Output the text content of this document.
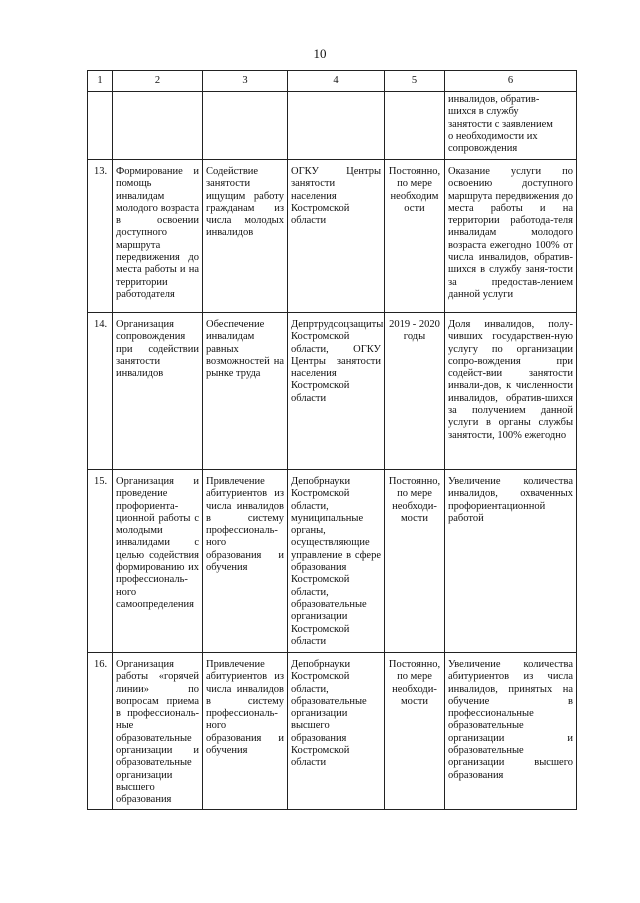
10
1	2	3	4	5	6
					инвалидов, обратив-
шихся в службу
занятости с заявлением
о необходимости их
сопровождения
13.	Формирование и помощь инвалидам молодого возраста в освоении доступного маршрута передвижения до места работы и на территории работодателя	Содействие занятости ищущим работу гражданам из числа молодых инвалидов	ОГКУ Центры занятости населения Костромской области	Постоянно, по мере необходим ости	Оказание услуги по освоению доступного маршрута передвижения до места работы и на территории работода-теля инвалидам молодого возраста ежегодно 100% от числа инвалидов, обратив-шихся в службу заня-тости за предостав-лением данной услуги
14.	Организация сопровождения при содействии занятости инвалидов	Обеспечение инвалидам равных возможностей на рынке труда	Депртрудсоцзащиты Костромской области, ОГКУ Центры занятости населения Костромской области	2019 - 2020 годы	Доля инвалидов, полу-чивших государствен-ную услугу по организации сопро-вождения при содейст-вии занятости инвали-дов, к численности инвалидов, обратив-шихся за получением данной услуги в органы службы занятости, 100% ежегодно
15.	Организация и проведение профориента-ционной работы с молодыми инвалидами с целью содействия формированию их профессиональ-ного самоопределения	Привлечение абитуриентов из числа инвалидов в систему профессиональ-ного образования и обучения	Депобрнауки Костромской области, муниципальные органы, осуществляющие управление в сфере образования Костромской области, образовательные организации Костромской области	Постоянно, по мере необходи-мости	Увеличение количества инвалидов, охваченных профориентационной работой
16.	Организация работы «горячей линии» по вопросам приема в профессиональ-ные образовательные организации и образовательные организации высшего образования	Привлечение абитуриентов из числа инвалидов в систему профессиональ-ного образования и обучения	Депобрнауки Костромской области, образовательные организации высшего образования Костромской области	Постоянно, по мере необходи-мости	Увеличение количества абитуриентов из числа инвалидов, принятых на обучение в профессиональные образовательные организации и образовательные организации высшего образования
